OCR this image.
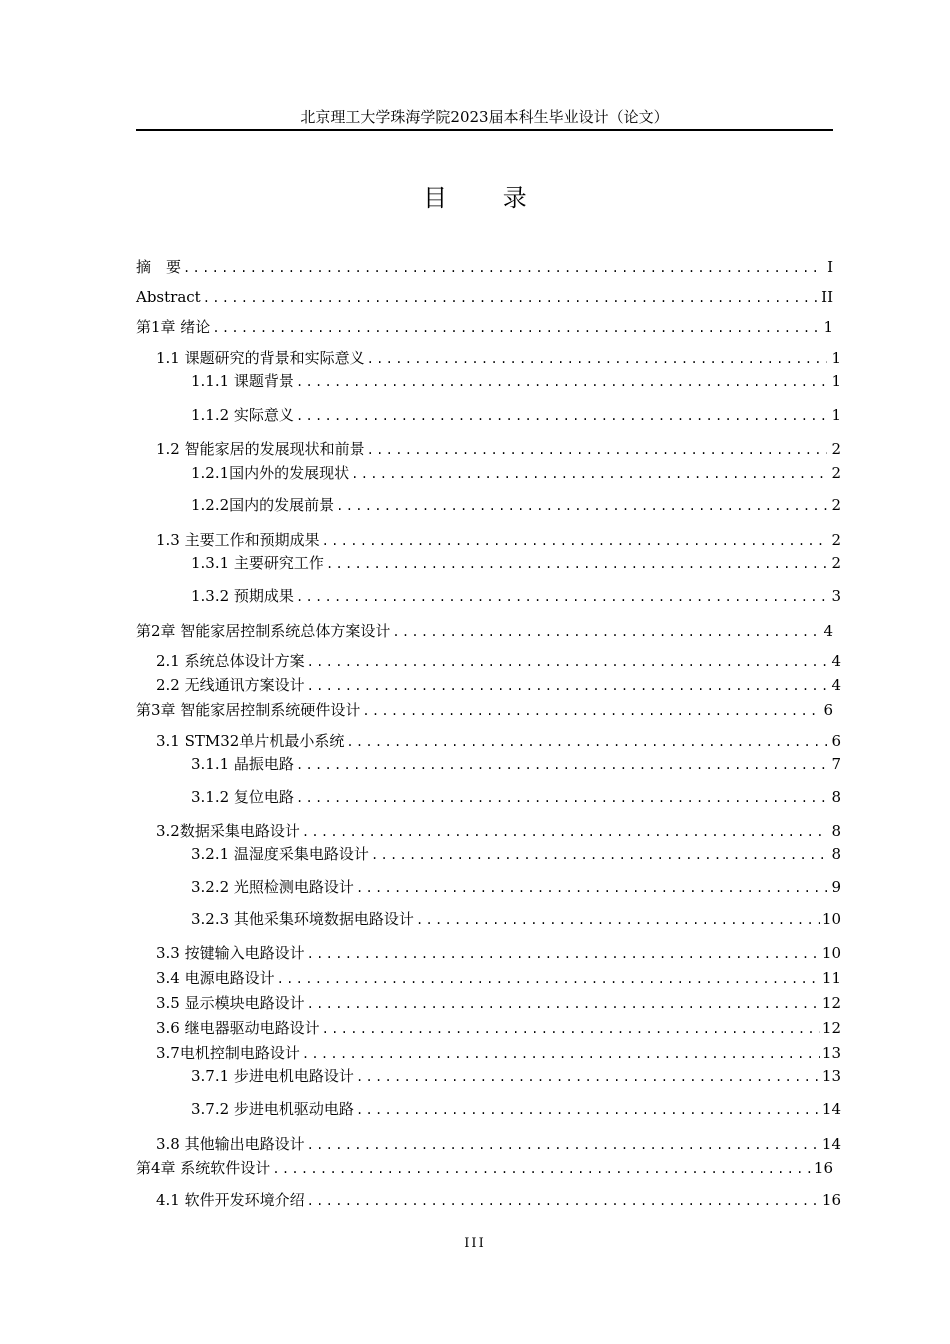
北京理工大学珠海学院2023届本科生毕业设计（论文）
目 录
摘　要 .....	I
Abstract .....	II
第1章 绪论 .....	1
1.1 课题研究的背景和实际意义 .....	1
1.1.1 课题背景 .....	1
1.1.2 实际意义 .....	1
1.2 智能家居的发展现状和前景 .....	2
1.2.1国内外的发展现状 .....	2
1.2.2国内的发展前景 .....	2
1.3 主要工作和预期成果 .....	2
1.3.1 主要研究工作 .....	2
1.3.2 预期成果 .....	3
第2章 智能家居控制系统总体方案设计 .....	4
2.1 系统总体设计方案 .....	4
2.2 无线通讯方案设计 .....	4
第3章 智能家居控制系统硬件设计 .....	6
3.1 STM32单片机最小系统 .....	6
3.1.1 晶振电路 .....	7
3.1.2 复位电路 .....	8
3.2数据采集电路设计 .....	8
3.2.1 温湿度采集电路设计 .....	8
3.2.2 光照检测电路设计 .....	9
3.2.3 其他采集环境数据电路设计 .....	10
3.3 按键输入电路设计 .....	10
3.4 电源电路设计 .....	11
3.5 显示模块电路设计 .....	12
3.6 继电器驱动电路设计 .....	12
3.7电机控制电路设计 .....	13
3.7.1 步进电机电路设计 .....	13
3.7.2 步进电机驱动电路 .....	14
3.8 其他输出电路设计 .....	14
第4章 系统软件设计 .....	16
4.1 软件开发环境介绍 .....	16
III
